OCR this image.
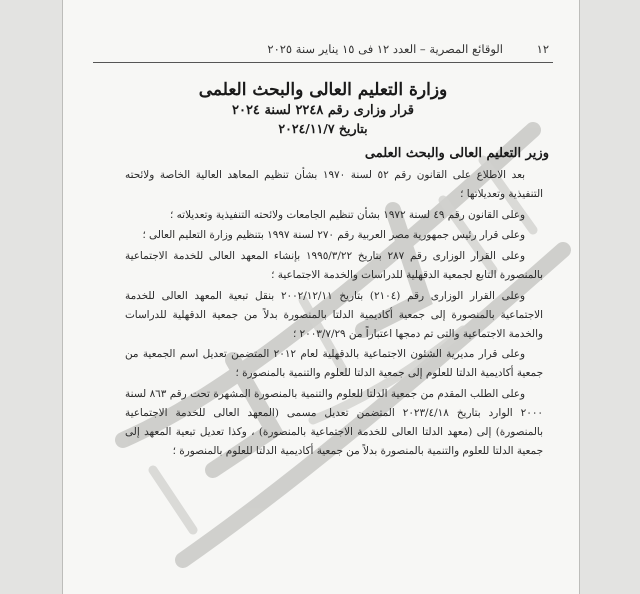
١٢
الوقائع المصرية – العدد ١٢ فى ١٥ يناير سنة ٢٠٢٥
وزارة التعليم العالى والبحث العلمى
قرار وزارى رقم ٢٢٤٨ لسنة ٢٠٢٤
بتاريخ ٢٠٢٤/١١/٧
وزير التعليم العالى والبحث العلمى

بعد الاطلاع على القانون رقم ٥٢ لسنة ١٩٧٠ بشأن تنظيم المعاهد العالية الخاصة ولائحته التنفيذية وتعديلاتها ؛

وعلى القانون رقم ٤٩ لسنة ١٩٧٢ بشأن تنظيم الجامعات ولائحته التنفيذية وتعديلاته ؛

وعلى قرار رئيس جمهورية مصر العربية رقم ٢٧٠ لسنة ١٩٩٧ بتنظيم وزارة التعليم العالى ؛

وعلى القرار الوزارى رقم ٢٨٧ بتاريخ ١٩٩٥/٣/٢٢ بإنشاء المعهد العالى للخدمة الاجتماعية بالمنصورة التابع لجمعية الدقهلية للدراسات والخدمة الاجتماعية ؛

وعلى القرار الوزارى رقم (٢١٠٤) بتاريخ ٢٠٠٢/١٢/١١ بنقل تبعية المعهد العالى للخدمة الاجتماعية بالمنصورة إلى جمعية أكاديمية الدلتا بالمنصورة بدلاً من جمعية الدقهلية للدراسات والخدمة الاجتماعية والتى تم دمجها اعتباراً من ٢٠٠٣/٧/٢٩ ؛

وعلى قرار مديرية الشئون الاجتماعية بالدقهلية لعام ٢٠١٢ المتضمن تعديل اسم الجمعية من جمعية أكاديمية الدلتا للعلوم إلى جمعية الدلتا للعلوم والتنمية بالمنصورة ؛

وعلى الطلب المقدم من جمعية الدلتا للعلوم والتنمية بالمنصورة المشهرة تحت رقم ٨٦٣ لسنة ٢٠٠٠ الوارد بتاريخ ٢٠٢٣/٤/١٨ المتضمن تعديل مسمى (المعهد العالى للخدمة الاجتماعية بالمنصورة) إلى (معهد الدلتا العالى للخدمة الاجتماعية بالمنصورة) ، وكذا تعديل تبعية المعهد إلى جمعية الدلتا للعلوم والتنمية بالمنصورة بدلاً من جمعية أكاديمية الدلتا للعلوم بالمنصورة ؛
